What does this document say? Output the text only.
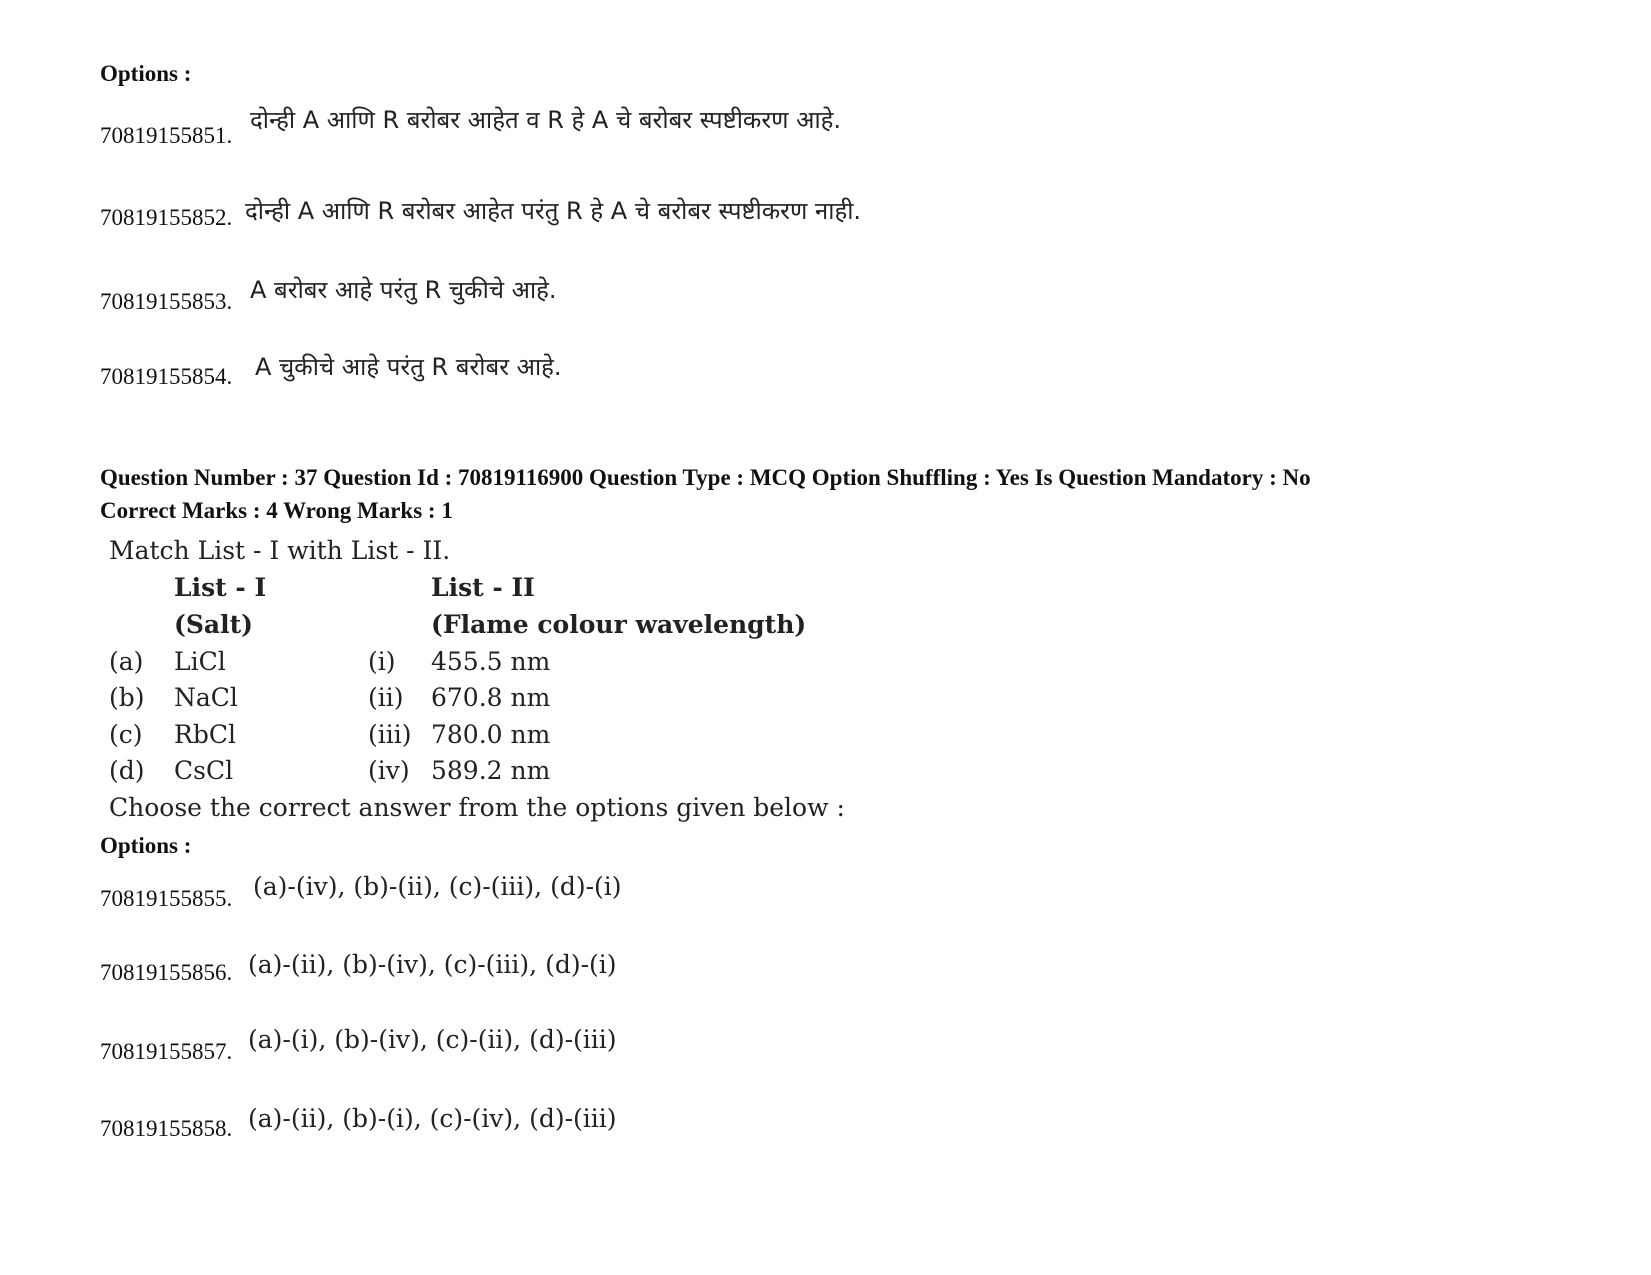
Options :
70819155851.
दोन्ही A आणि R बरोबर आहेत व R हे A चे बरोबर स्पष्टीकरण आहे.
70819155852. दोन्ही A आणि R बरोबर आहेत परंतु R हे A चे बरोबर स्पष्टीकरण नाही.
70819155853. A बरोबर आहे परंतु R चुकीचे आहे.
70819155854. A चुकीचे आहे परंतु R बरोबर आहे.
Question Number : 37 Question Id : 70819116900 Question Type : MCQ Option Shuffling : Yes Is Question Mandatory : No
Correct Marks : 4 Wrong Marks : 1
Match List - I with List - II.
List - I	List - II
(Salt)	(Flame colour wavelength)
(a) LiCl	(i) 455.5 nm
(b) NaCl	(ii) 670.8 nm
(c) RbCl	(iii) 780.0 nm
(d) CsCl	(iv) 589.2 nm
Choose the correct answer from the options given below :
Options :
70819155855. (a)-(iv), (b)-(ii), (c)-(iii), (d)-(i)
70819155856. (a)-(ii), (b)-(iv), (c)-(iii), (d)-(i)
70819155857. (a)-(i), (b)-(iv), (c)-(ii), (d)-(iii)
70819155858. (a)-(ii), (b)-(i), (c)-(iv), (d)-(iii)
